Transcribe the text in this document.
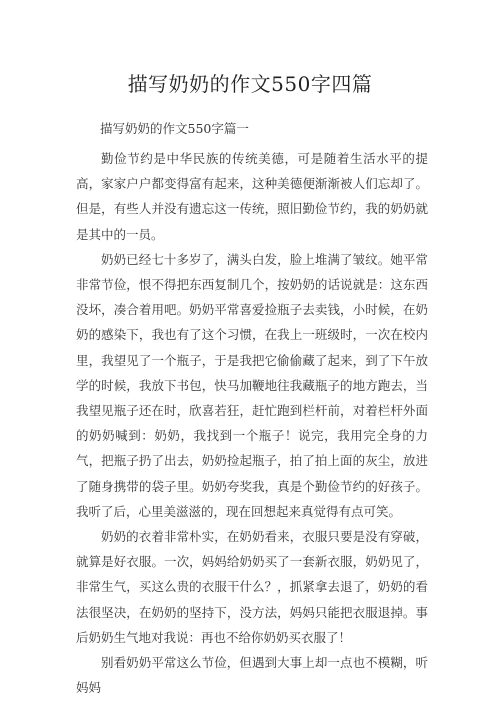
描写奶奶的作文550字四篇
描写奶奶的作文550字篇一

勤俭节约是中华民族的传统美德，可是随着生活水平的提高，家家户户都变得富有起来，这种美德便渐渐被人们忘却了。但是，有些人并没有遗忘这一传统，照旧勤俭节约，我的奶奶就是其中的一员。

奶奶已经七十多岁了，满头白发，脸上堆满了皱纹。她平常非常节俭，恨不得把东西复制几个，按奶奶的话说就是：这东西没坏，凑合着用吧。奶奶平常喜爱捡瓶子去卖钱，小时候，在奶奶的感染下，我也有了这个习惯，在我上一班级时，一次在校内里，我望见了一个瓶子，于是我把它偷偷藏了起来，到了下午放学的时候，我放下书包，快马加鞭地往我藏瓶子的地方跑去，当我望见瓶子还在时，欣喜若狂，赶忙跑到栏杆前，对着栏杆外面的奶奶喊到：奶奶，我找到一个瓶子！说完，我用完全身的力气，把瓶子扔了出去，奶奶捡起瓶子，拍了拍上面的灰尘，放进了随身携带的袋子里。奶奶夸奖我，真是个勤俭节约的好孩子。我听了后，心里美滋滋的，现在回想起来真觉得有点可笑。

奶奶的衣着非常朴实，在奶奶看来，衣服只要是没有穿破，就算是好衣服。一次，妈妈给奶奶买了一套新衣服，奶奶见了，非常生气，买这么贵的衣服干什么？，抓紧拿去退了，奶奶的看法很坚决，在奶奶的坚持下，没方法，妈妈只能把衣服退掉。事后奶奶生气地对我说：再也不给你奶奶买衣服了！

别看奶奶平常这么节俭，但遇到大事上却一点也不模糊，听妈妈
